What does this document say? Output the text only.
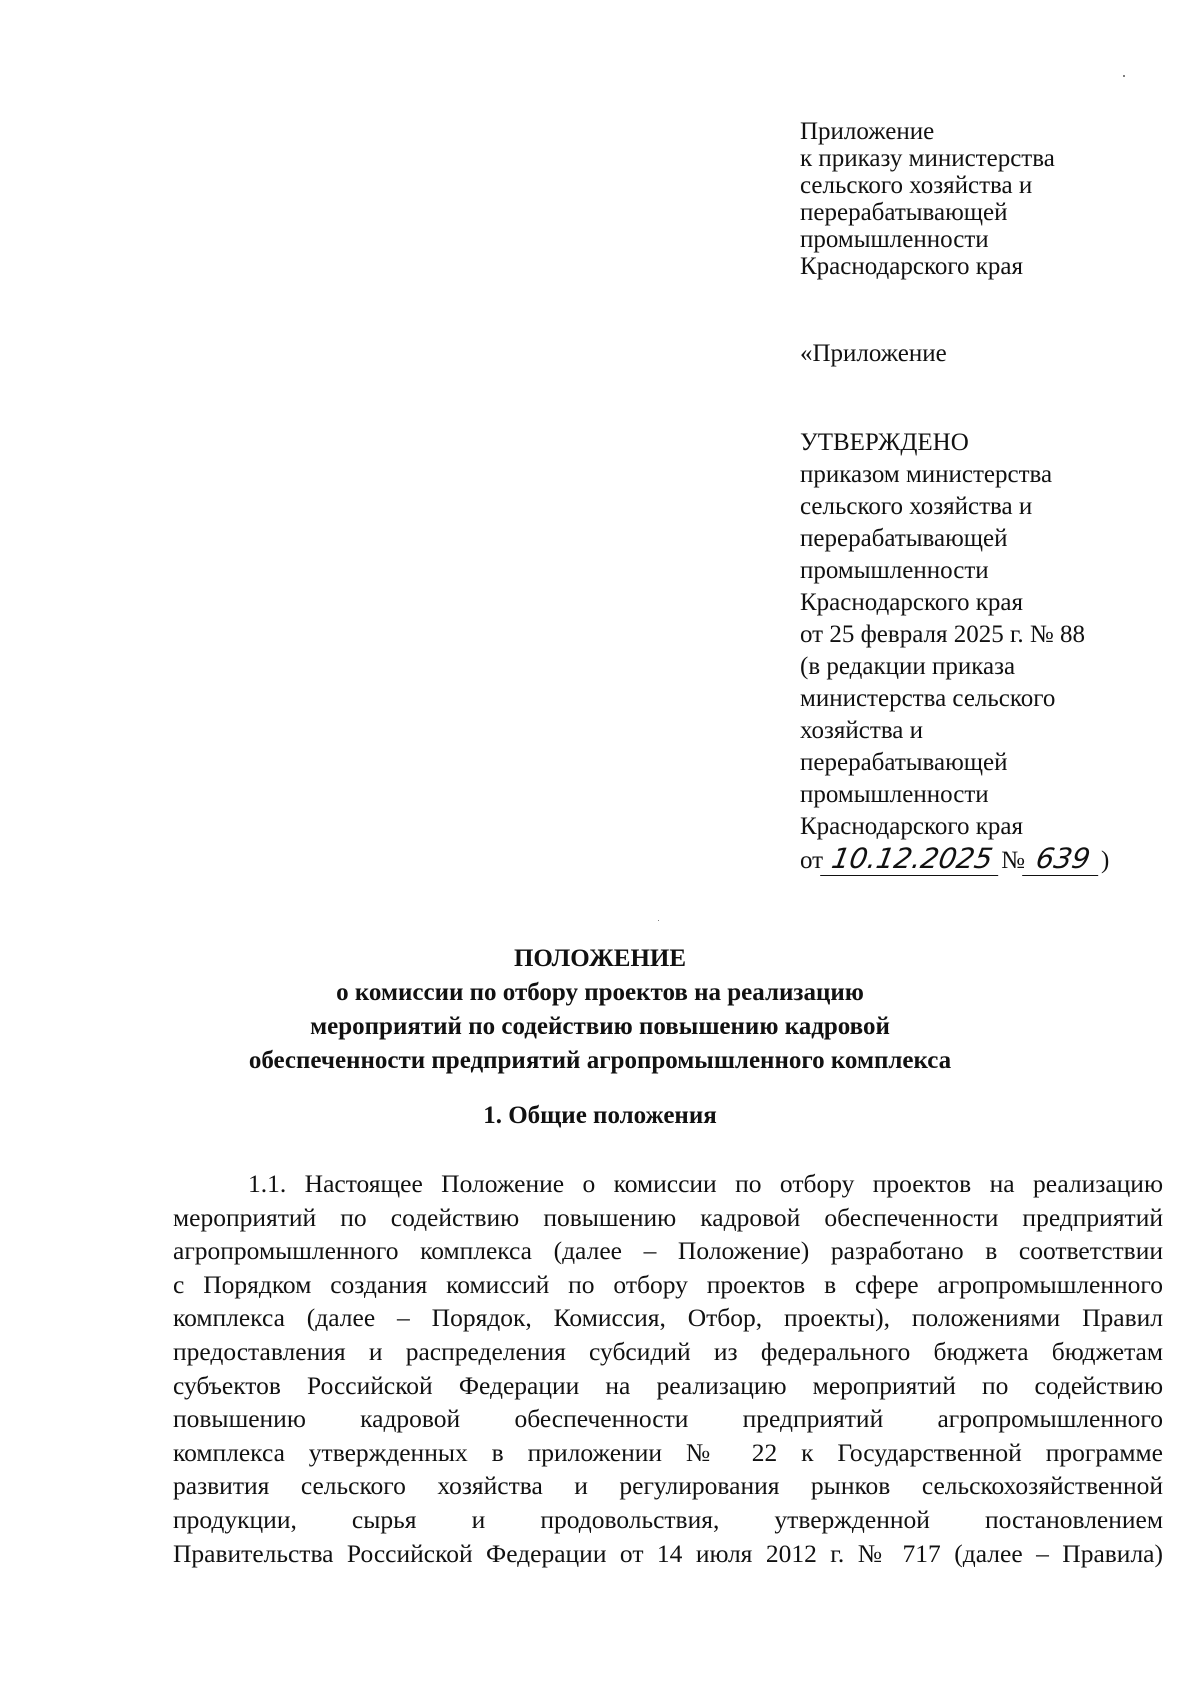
Приложение
к приказу министерства
сельского хозяйства и
перерабатывающей
промышленности
Краснодарского края
«Приложение
УТВЕРЖДЕНО
приказом министерства
сельского хозяйства и
перерабатывающей
промышленности
Краснодарского края
от 25 февраля 2025 г. № 88
(в редакции приказа
министерства сельского
хозяйства и
перерабатывающей
промышленности
Краснодарского края
от 10.12.2025 № 639 )
ПОЛОЖЕНИЕ
о комиссии по отбору проектов на реализацию
мероприятий по содействию повышению кадровой
обеспеченности предприятий агропромышленного комплекса
1. Общие положения
1.1. Настоящее Положение о комиссии по отбору проектов на реализацию
мероприятий по содействию повышению кадровой обеспеченности предприятий
агропромышленного комплекса (далее – Положение) разработано в соответствии
с Порядком создания комиссий по отбору проектов в сфере агропромышленного
комплекса (далее – Порядок, Комиссия, Отбор, проекты), положениями Правил
предоставления и распределения субсидий из федерального бюджета бюджетам
субъектов Российской Федерации на реализацию мероприятий по содействию
повышению кадровой обеспеченности предприятий агропромышленного
комплекса утвержденных в приложении № 22 к Государственной программе
развития сельского хозяйства и регулирования рынков сельскохозяйственной
продукции, сырья и продовольствия, утвержденной постановлением
Правительства Российской Федерации от 14 июля 2012 г. № 717 (далее – Правила)
